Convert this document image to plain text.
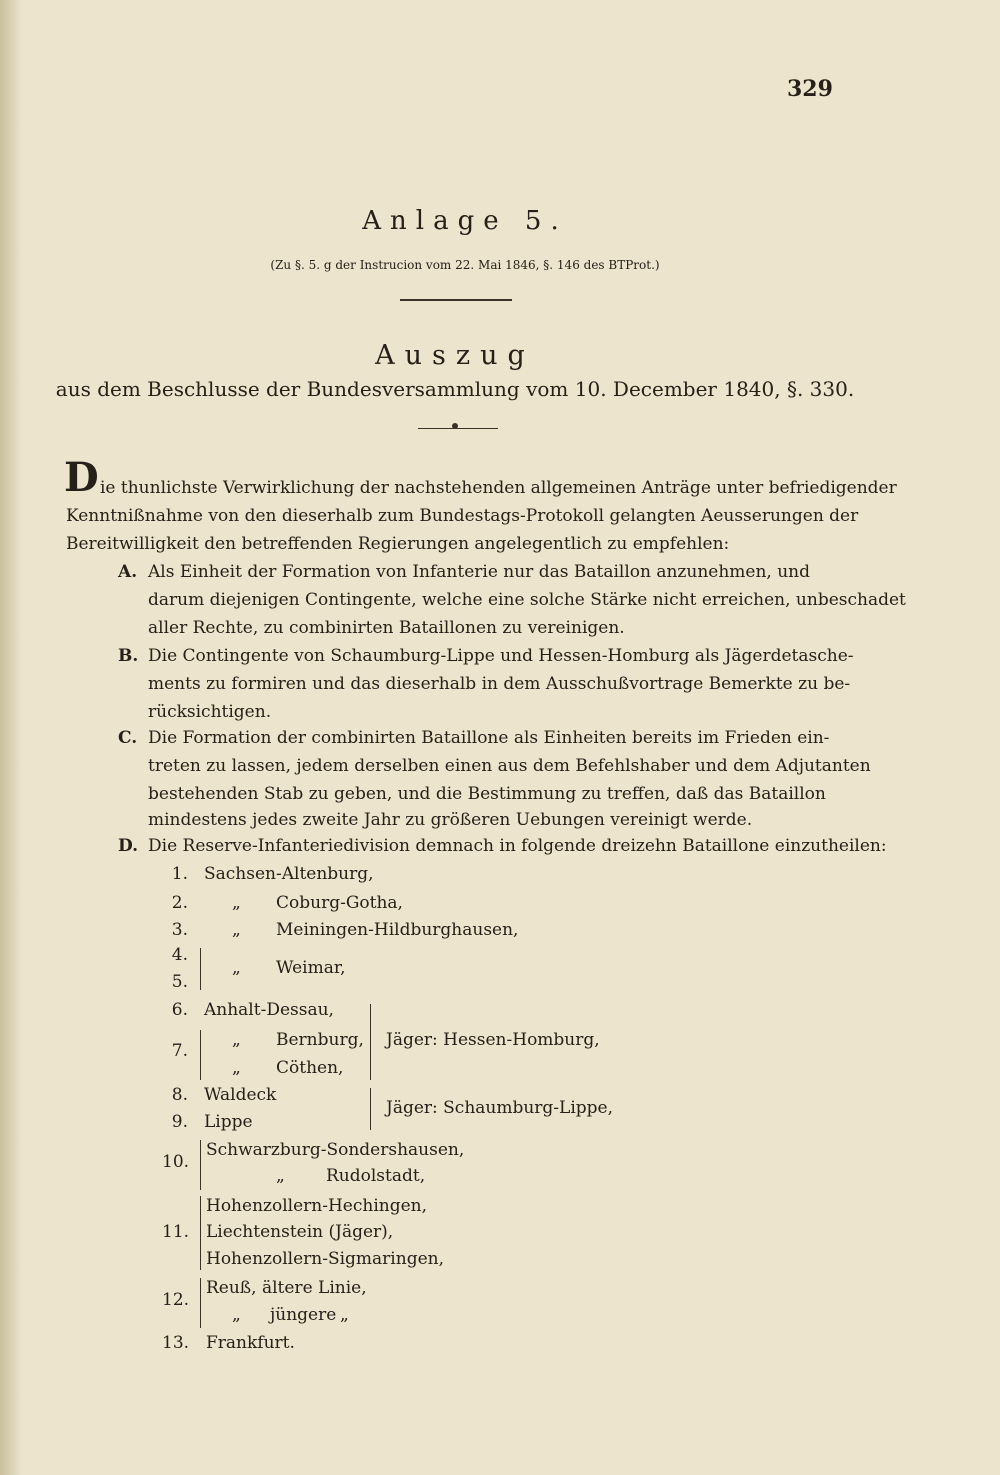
329
Anlage 5.
(Zu §. 5. g der Instrucion vom 22. Mai 1846, §. 146 des BTProt.)
Auszug
aus dem Beschlusse der Bundesversammlung vom 10. December 1840, §. 330.
D ie thunlichste Verwirklichung der nachstehenden allgemeinen Anträge unter befriedigender
Kenntnißnahme von den dieserhalb zum Bundestags-Protokoll gelangten Aeusserungen der
Bereitwilligkeit den betreffenden Regierungen angelegentlich zu empfehlen:
A. Als Einheit der Formation von Infanterie nur das Bataillon anzunehmen, und
darum diejenigen Contingente, welche eine solche Stärke nicht erreichen, unbeschadet
aller Rechte, zu combinirten Bataillonen zu vereinigen.
B. Die Contingente von Schaumburg-Lippe und Hessen-Homburg als Jägerdetasche-
ments zu formiren und das dieserhalb in dem Ausschußvortrage Bemerkte zu be-
rücksichtigen.
C. Die Formation der combinirten Bataillone als Einheiten bereits im Frieden ein-
treten zu lassen, jedem derselben einen aus dem Befehlshaber und dem Adjutanten
bestehenden Stab zu geben, und die Bestimmung zu treffen, daß das Bataillon
mindestens jedes zweite Jahr zu größeren Uebungen vereinigt werde.
D. Die Reserve-Infanteriedivision demnach in folgende dreizehn Bataillone einzutheilen:
1. Sachsen-Altenburg,
2.	„ Coburg-Gotha,
3.	„ Meiningen-Hildburghausen,
4.
5.
„ Weimar,
6. Anhalt-Dessau,
7.
„ Bernburg,
„ Cöthen,
Jäger: Hessen-Homburg,
8. Waldeck
9. Lippe
Jäger: Schaumburg-Lippe,
10.
Schwarzburg-Sondershausen,
„ Rudolstadt,
11.
Hohenzollern-Hechingen,
Liechtenstein (Jäger),
Hohenzollern-Sigmaringen,
12.
Reuß, ältere Linie,
„ jüngere „
13. Frankfurt.
